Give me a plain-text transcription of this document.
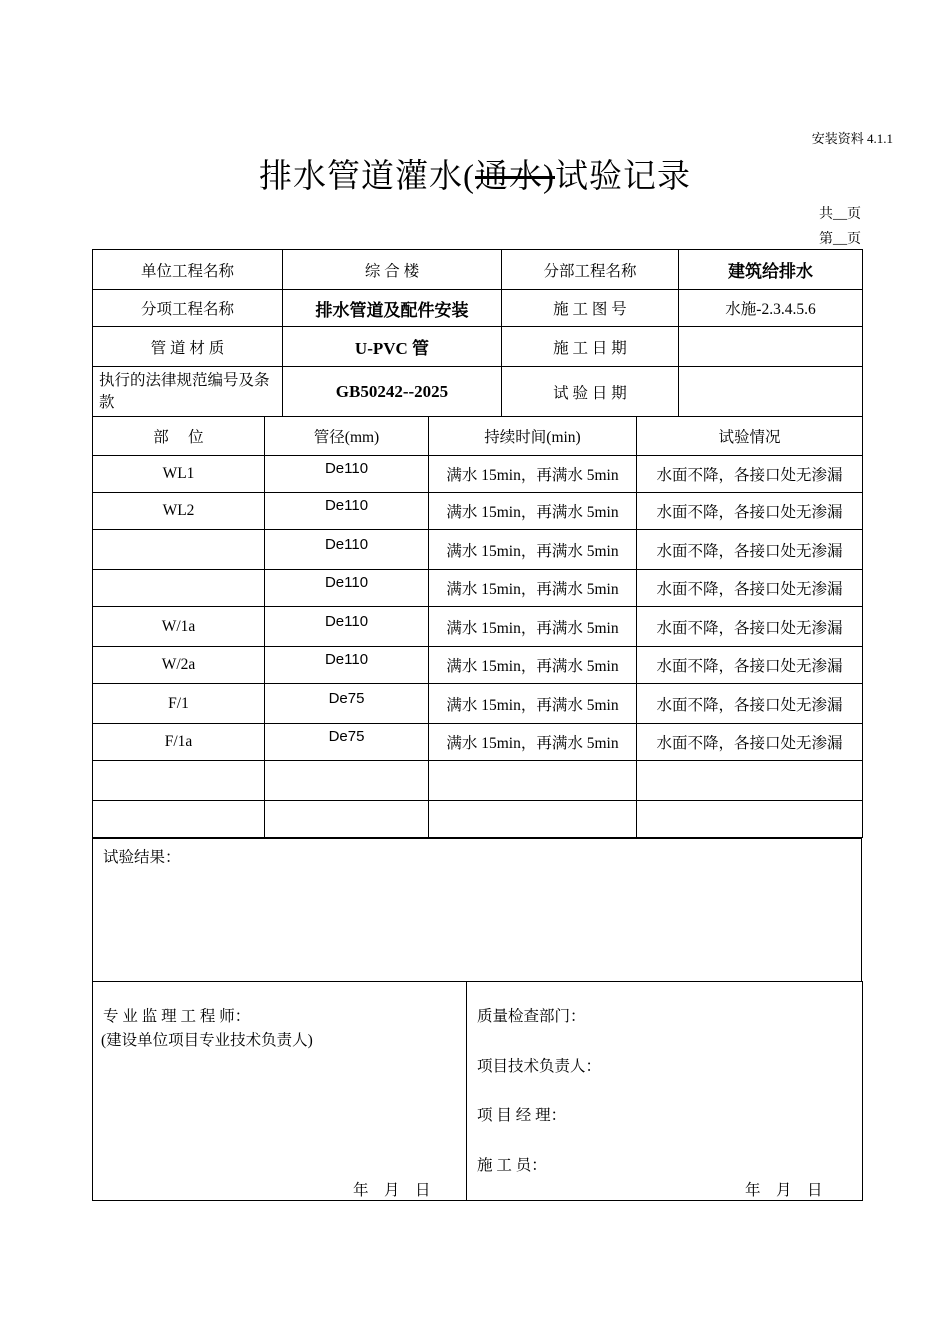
安装资料 4.1.1
排水管道灌水(通水)试验记录
共__页
第__页
单位工程名称	综 合 楼	分部工程名称	建筑给排水
分项工程名称	排水管道及配件安装	施 工 图 号	水施-2.3.4.5.6
管 道 材 质	U-PVC 管	施 工 日 期	
执行的法律规范编号及条款	GB50242--2025	试 验 日 期	
部　 位	管径(mm)	持续时间(min)	试验情况
WL1	De110	满水 15min，再满水 5min	水面不降，各接口处无渗漏
WL2	De110	满水 15min，再满水 5min	水面不降，各接口处无渗漏
	De110	满水 15min，再满水 5min	水面不降，各接口处无渗漏
	De110	满水 15min，再满水 5min	水面不降，各接口处无渗漏
W/1a	De110	满水 15min，再满水 5min	水面不降，各接口处无渗漏
W/2a	De110	满水 15min，再满水 5min	水面不降，各接口处无渗漏
F/1	De75	满水 15min，再满水 5min	水面不降，各接口处无渗漏
F/1a	De75	满水 15min，再满水 5min	水面不降，各接口处无渗漏

试验结果：
专 业 监 理 工 程 师：
(建设单位项目专业技术负责人)
年　月　日

质量检查部门：
项目技术负责人：
项 目 经 理：
施 工 员：
年　月　日
